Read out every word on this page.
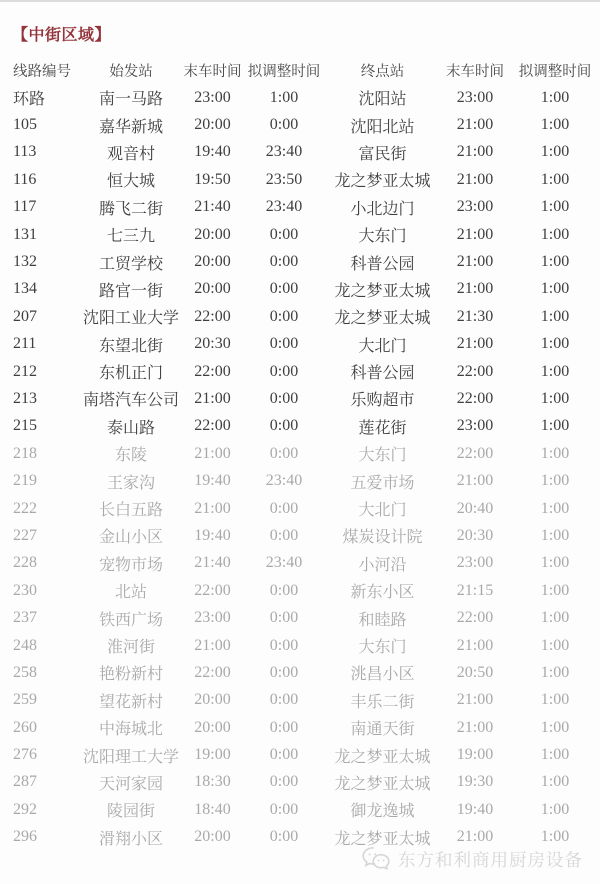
【中街区域】
线路编号	始发站	末车时间	拟调整时间	终点站	末车时间	拟调整时间
环路	南一马路	23:00	1:00	沈阳站	23:00	1:00
105	嘉华新城	20:00	0:00	沈阳北站	21:00	1:00
113	观音村	19:40	23:40	富民街	21:00	1:00
116	恒大城	19:50	23:50	龙之梦亚太城	21:00	1:00
117	腾飞二街	21:40	23:40	小北边门	23:00	1:00
131	七三九	20:00	0:00	大东门	21:00	1:00
132	工贸学校	20:00	0:00	科普公园	21:00	1:00
134	路官一街	20:00	0:00	龙之梦亚太城	21:00	1:00
207	沈阳工业大学	22:00	0:00	龙之梦亚太城	21:30	1:00
211	东望北街	20:30	0:00	大北门	21:00	1:00
212	东机正门	22:00	0:00	科普公园	22:00	1:00
213	南塔汽车公司	21:00	0:00	乐购超市	22:00	1:00
215	泰山路	22:00	0:00	莲花街	23:00	1:00
218	东陵	21:00	0:00	大东门	22:00	1:00
219	王家沟	19:40	23:40	五爱市场	21:00	1:00
222	长白五路	21:00	0:00	大北门	20:40	1:00
227	金山小区	19:40	0:00	煤炭设计院	20:30	1:00
228	宠物市场	21:40	23:40	小河沿	23:00	1:00
230	北站	22:00	0:00	新东小区	21:15	1:00
237	铁西广场	23:00	0:00	和睦路	22:00	1:00
248	淮河街	21:00	0:00	大东门	21:00	1:00
258	艳粉新村	22:00	0:00	洮昌小区	20:50	1:00
259	望花新村	20:00	0:00	丰乐二街	21:00	1:00
260	中海城北	20:00	0:00	南通天街	21:00	1:00
276	沈阳理工大学	19:00	0:00	龙之梦亚太城	19:00	1:00
287	天河家园	18:30	0:00	龙之梦亚太城	19:30	1:00
292	陵园街	18:40	0:00	御龙逸城	19:40	1:00
296	滑翔小区	20:00	0:00	龙之梦亚太城	21:00	1:00
东方和利商用厨房设备
